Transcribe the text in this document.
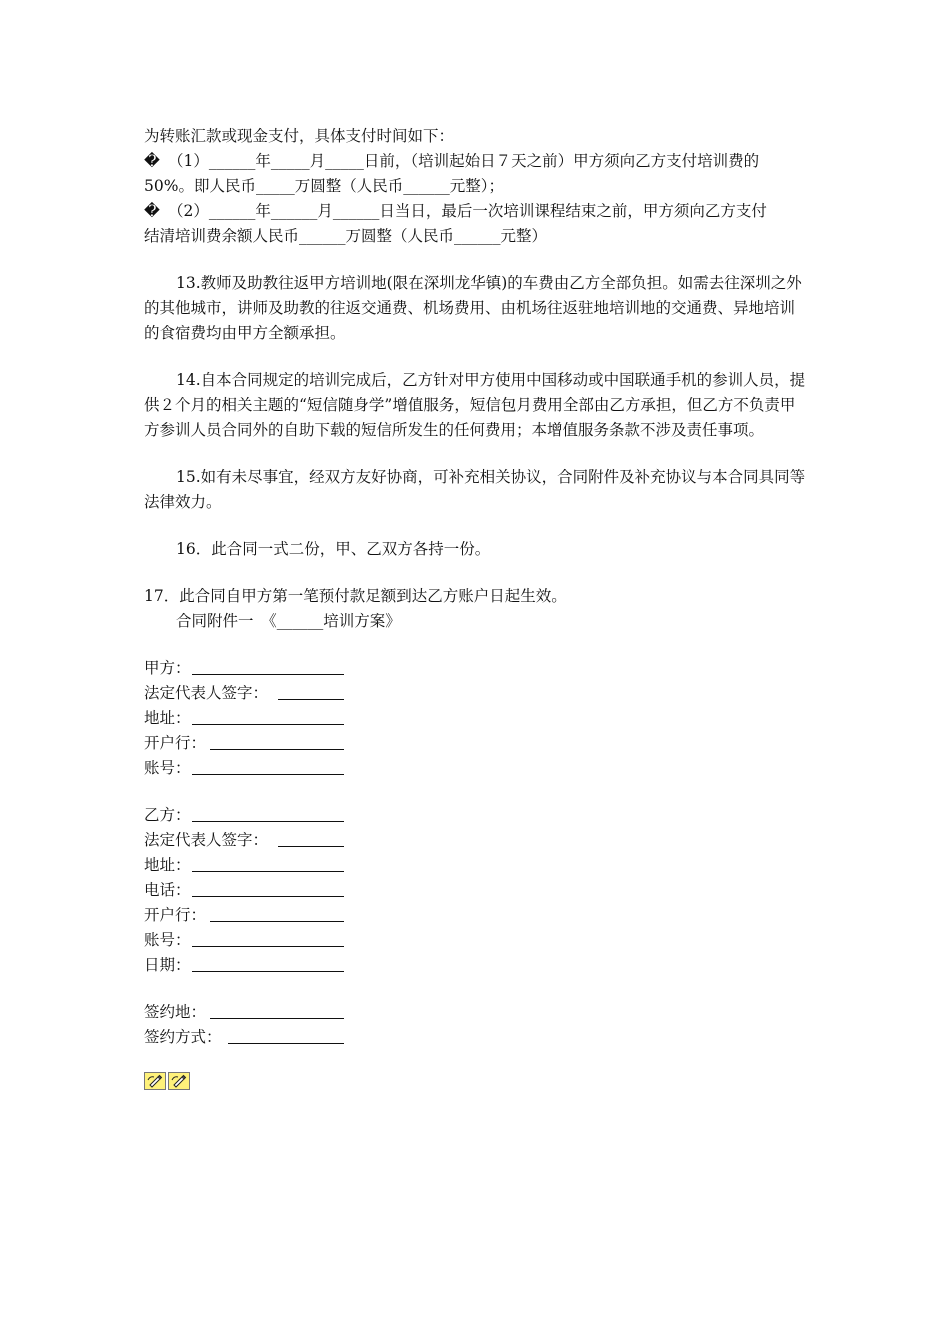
为转账汇款或现金支付，具体支付时间如下：
� （1）______年_____月_____日前，（培训起始日７天之前）甲方须向乙方支付培训费的
50%。即人民币_____万圆整（人民币______元整）；
� （2）______年______月______日当日，最后一次培训课程结束之前，甲方须向乙方支付
结清培训费余额人民币______万圆整（人民币______元整）

13.教师及助教往返甲方培训地(限在深圳龙华镇)的车费由乙方全部负担。如需去往深圳之外的其他城市，讲师及助教的往返交通费、机场费用、由机场往返驻地培训地的交通费、异地培训的食宿费均由甲方全额承担。

14.自本合同规定的培训完成后，乙方针对甲方使用中国移动或中国联通手机的参训人员，提供２个月的相关主题的“短信随身学”增值服务，短信包月费用全部由乙方承担，但乙方不负责甲方参训人员合同外的自助下载的短信所发生的任何费用；本增值服务条款不涉及责任事项。

15.如有未尽事宜，经双方友好协商，可补充相关协议，合同附件及补充协议与本合同具同等法律效力。

16．此合同一式二份，甲、乙双方各持一份。

17．此合同自甲方第一笔预付款足额到达乙方账户日起生效。
合同附件一　《______培训方案》
甲方：
法定代表人签字：
地址：
开户行：
账号：
乙方：
法定代表人签字：
地址：
电话：
开户行：
账号：
日期：
签约地：
签约方式：
